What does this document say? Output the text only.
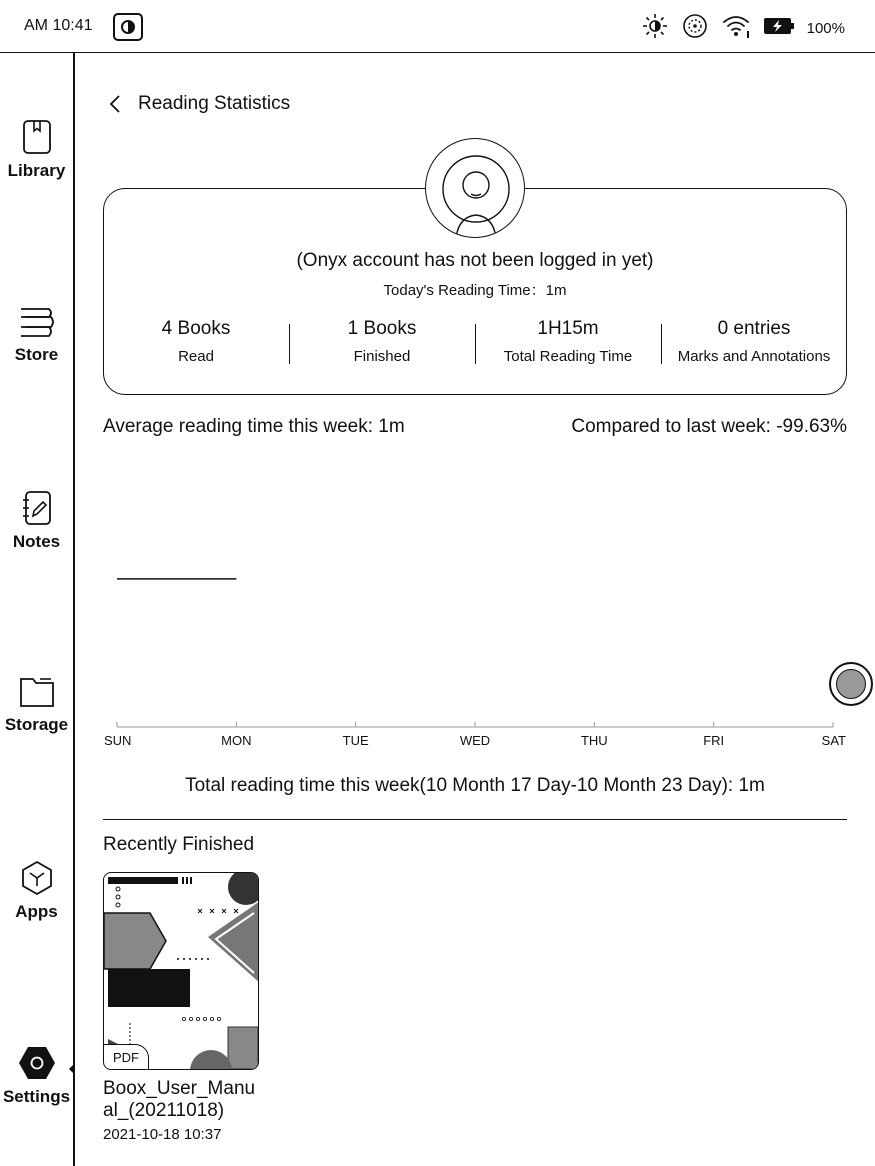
AM 10:41	100%
Library
Store
Notes
Storage
Apps
Settings
Reading Statistics
(Onyx account has not been logged in yet)
Today's Reading Time：1m
4 Books
Read
1 Books
Finished
1H15m
Total Reading Time
0 entries
Marks and Annotations
Average reading time this week: 1m	Compared to last week: -99.63%
SUN	MON	TUE	WED	THU	FRI	SAT
Total reading time this week(10 Month 17 Day-10 Month 23 Day): 1m
Recently Finished
PDF
Boox_User_Manual_(20211018)
2021-10-18 10:37
